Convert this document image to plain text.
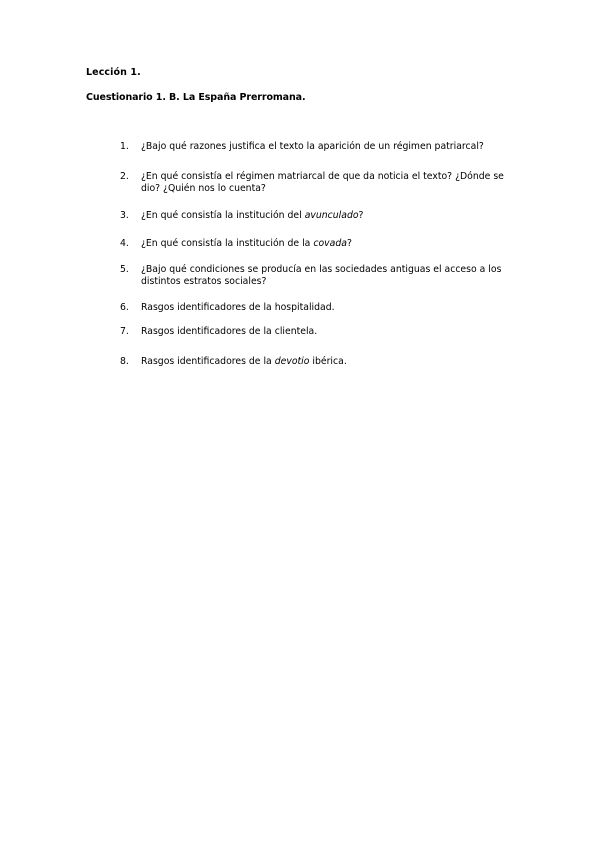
Lección 1.
Cuestionario 1. B. La España Prerromana.
1.	¿Bajo qué razones justifica el texto la aparición de un régimen patriarcal?
2.	¿En qué consistía el régimen matriarcal de que da noticia el texto? ¿Dónde se dio? ¿Quién nos lo cuenta?
3.	¿En qué consistía la institución del avunculado?
4.	¿En qué consistía la institución de la covada?
5.	¿Bajo qué condiciones se producía en las sociedades antiguas el acceso a los distintos estratos sociales?
6.	Rasgos identificadores de la hospitalidad.
7.	Rasgos identificadores de la clientela.
8.	Rasgos identificadores de la devotio ibérica.
